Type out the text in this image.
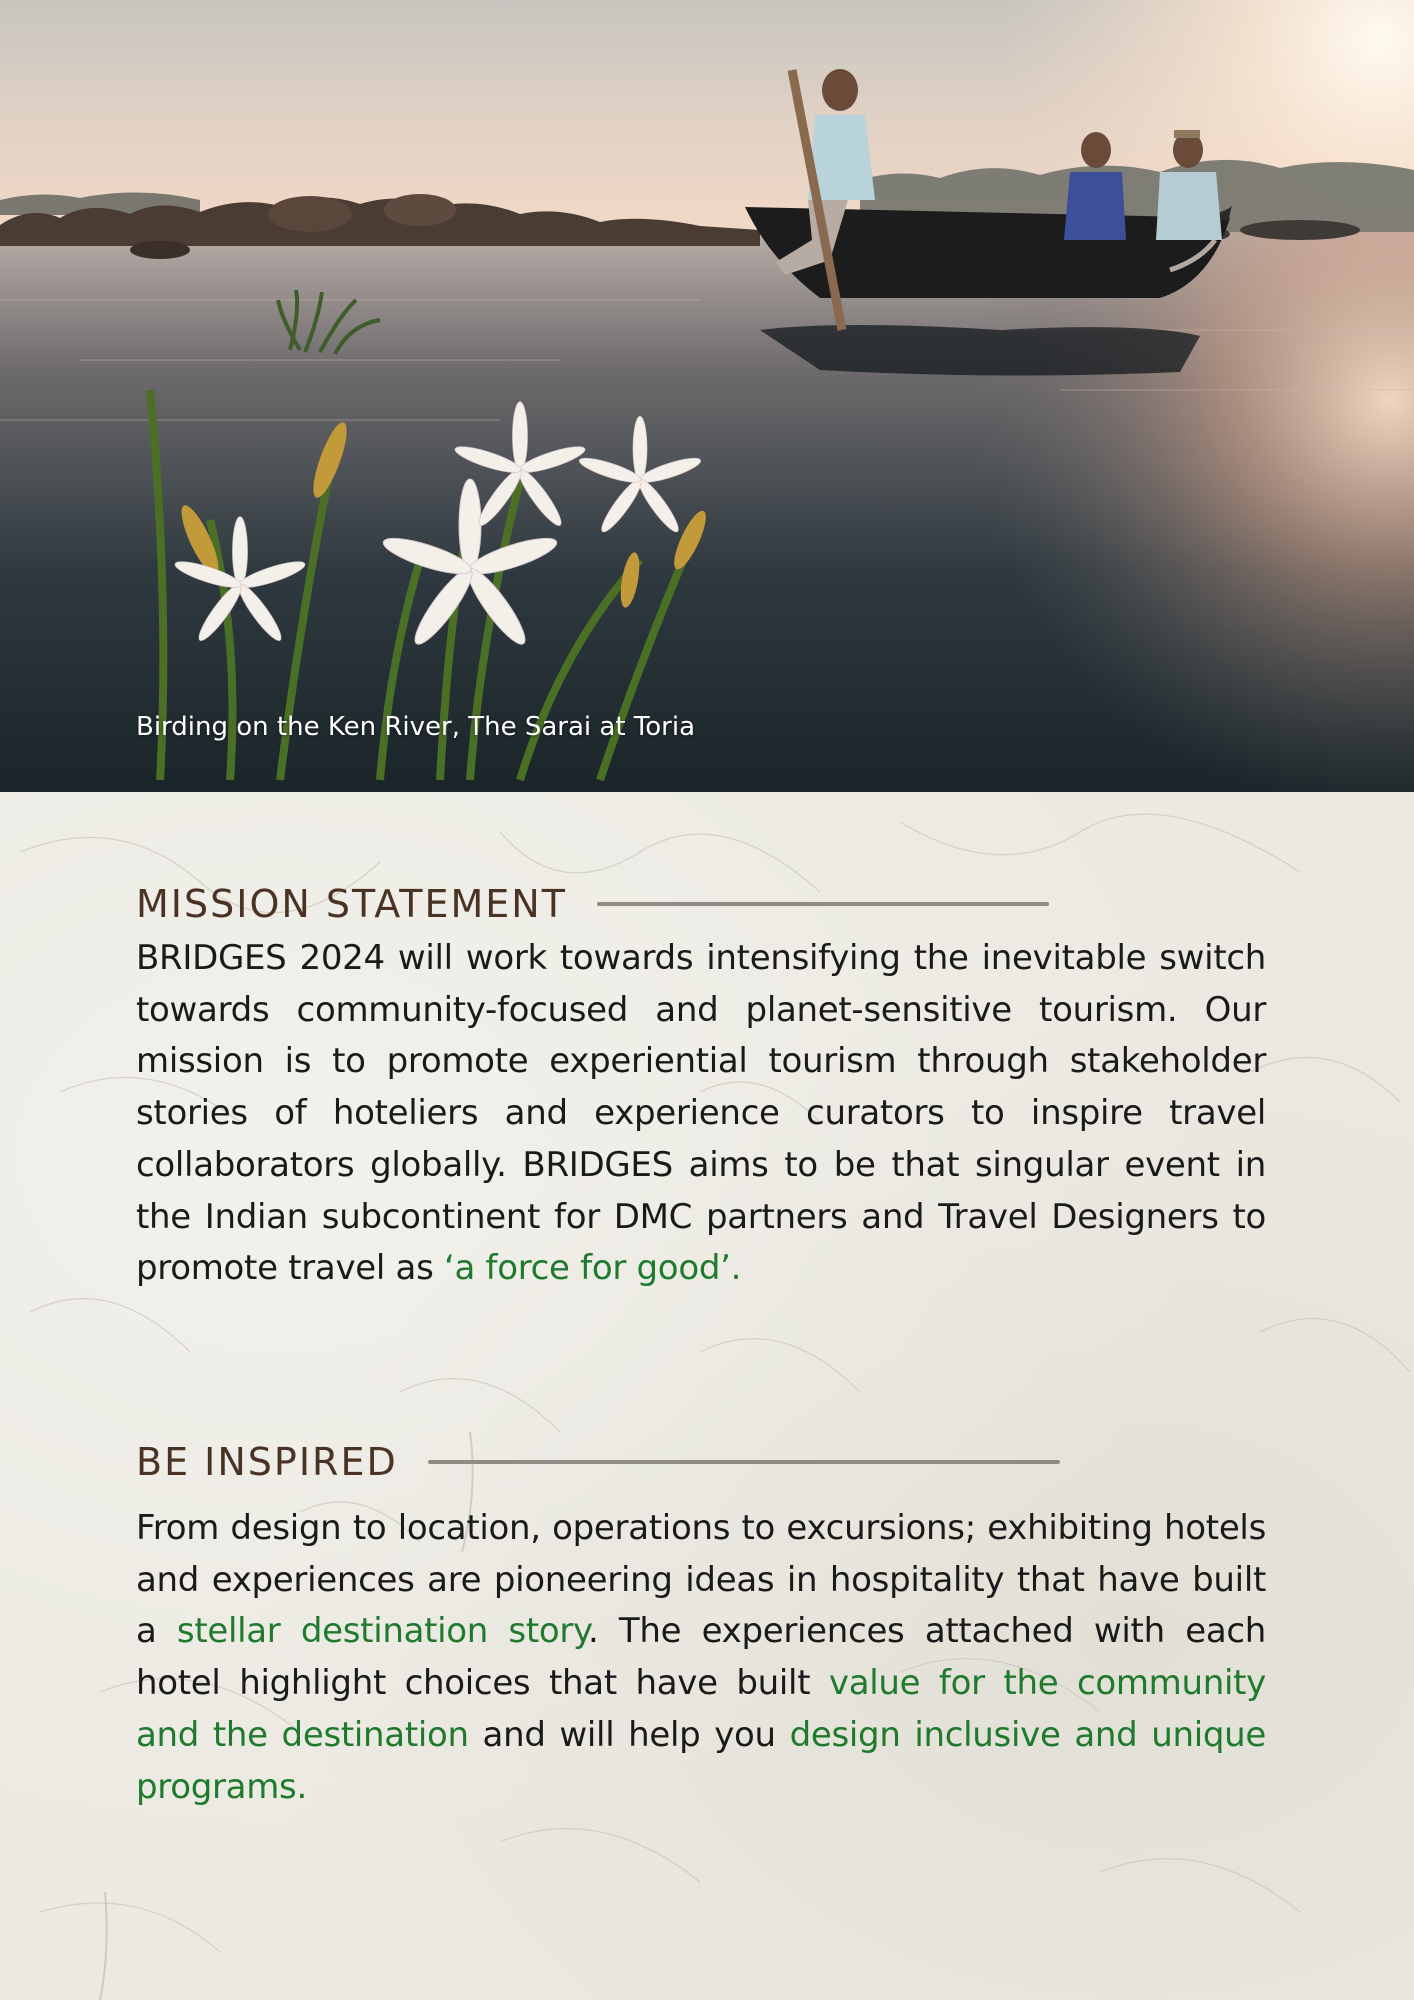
Birding on the Ken River, The Sarai at Toria
MISSION STATEMENT

BRIDGES 2024 will work towards intensifying the inevitable switch towards community-focused and planet-sensitive tourism. Our mission is to promote experiential tourism through stakeholder stories of hoteliers and experience curators to inspire travel collaborators globally. BRIDGES aims to be that singular event in the Indian subcontinent for DMC partners and Travel Designers to promote travel as ‘a force for good’.

BE INSPIRED

From design to location, operations to excursions; exhibiting hotels and experiences are pioneering ideas in hospitality that have built a stellar destination story. The experiences attached with each hotel highlight choices that have built value for the community and the destination and will help you design inclusive and unique programs.
